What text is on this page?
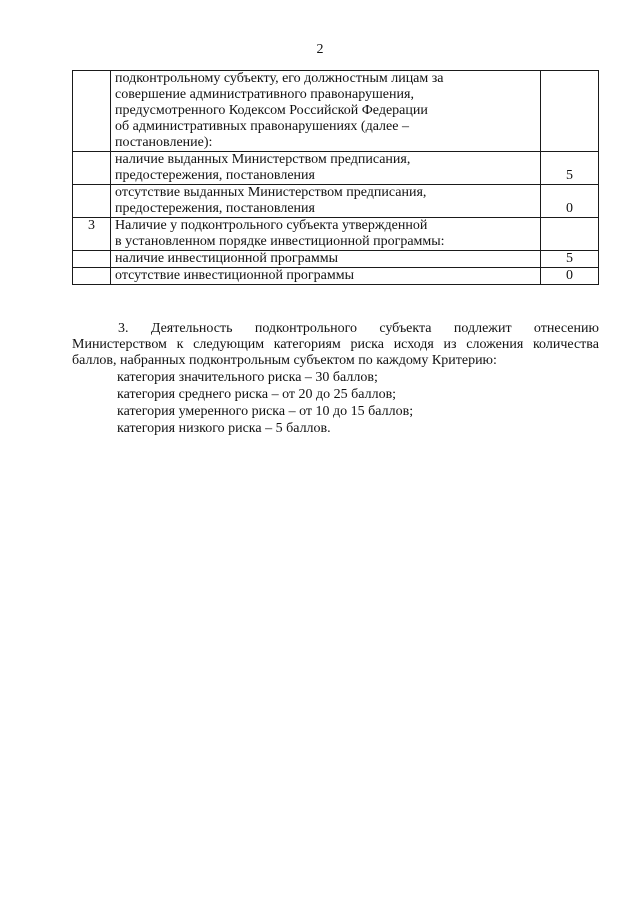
2

	подконтрольному субъекту, его должностным лицам за
совершение административного правонарушения,
предусмотренного Кодексом Российской Федерации
об административных правонарушениях (далее –
постановление):	

	наличие выданных Министерством предписания,
предостережения, постановления	5

	отсутствие выданных Министерством предписания,
предостережения, постановления	0
3	Наличие у подконтрольного субъекта утвержденной
в установленном порядке инвестиционной программы:	

	наличие инвестиционной программы	5

	отсутствие инвестиционной программы	0
3. Деятельность подконтрольного субъекта подлежит отнесению
Министерством к следующим категориям риска исходя из сложения количества
баллов, набранных подконтрольным субъектом по каждому Критерию:
категория значительного риска – 30 баллов;
категория среднего риска – от 20 до 25 баллов;
категория умеренного риска – от 10 до 15 баллов;
категория низкого риска – 5 баллов.
